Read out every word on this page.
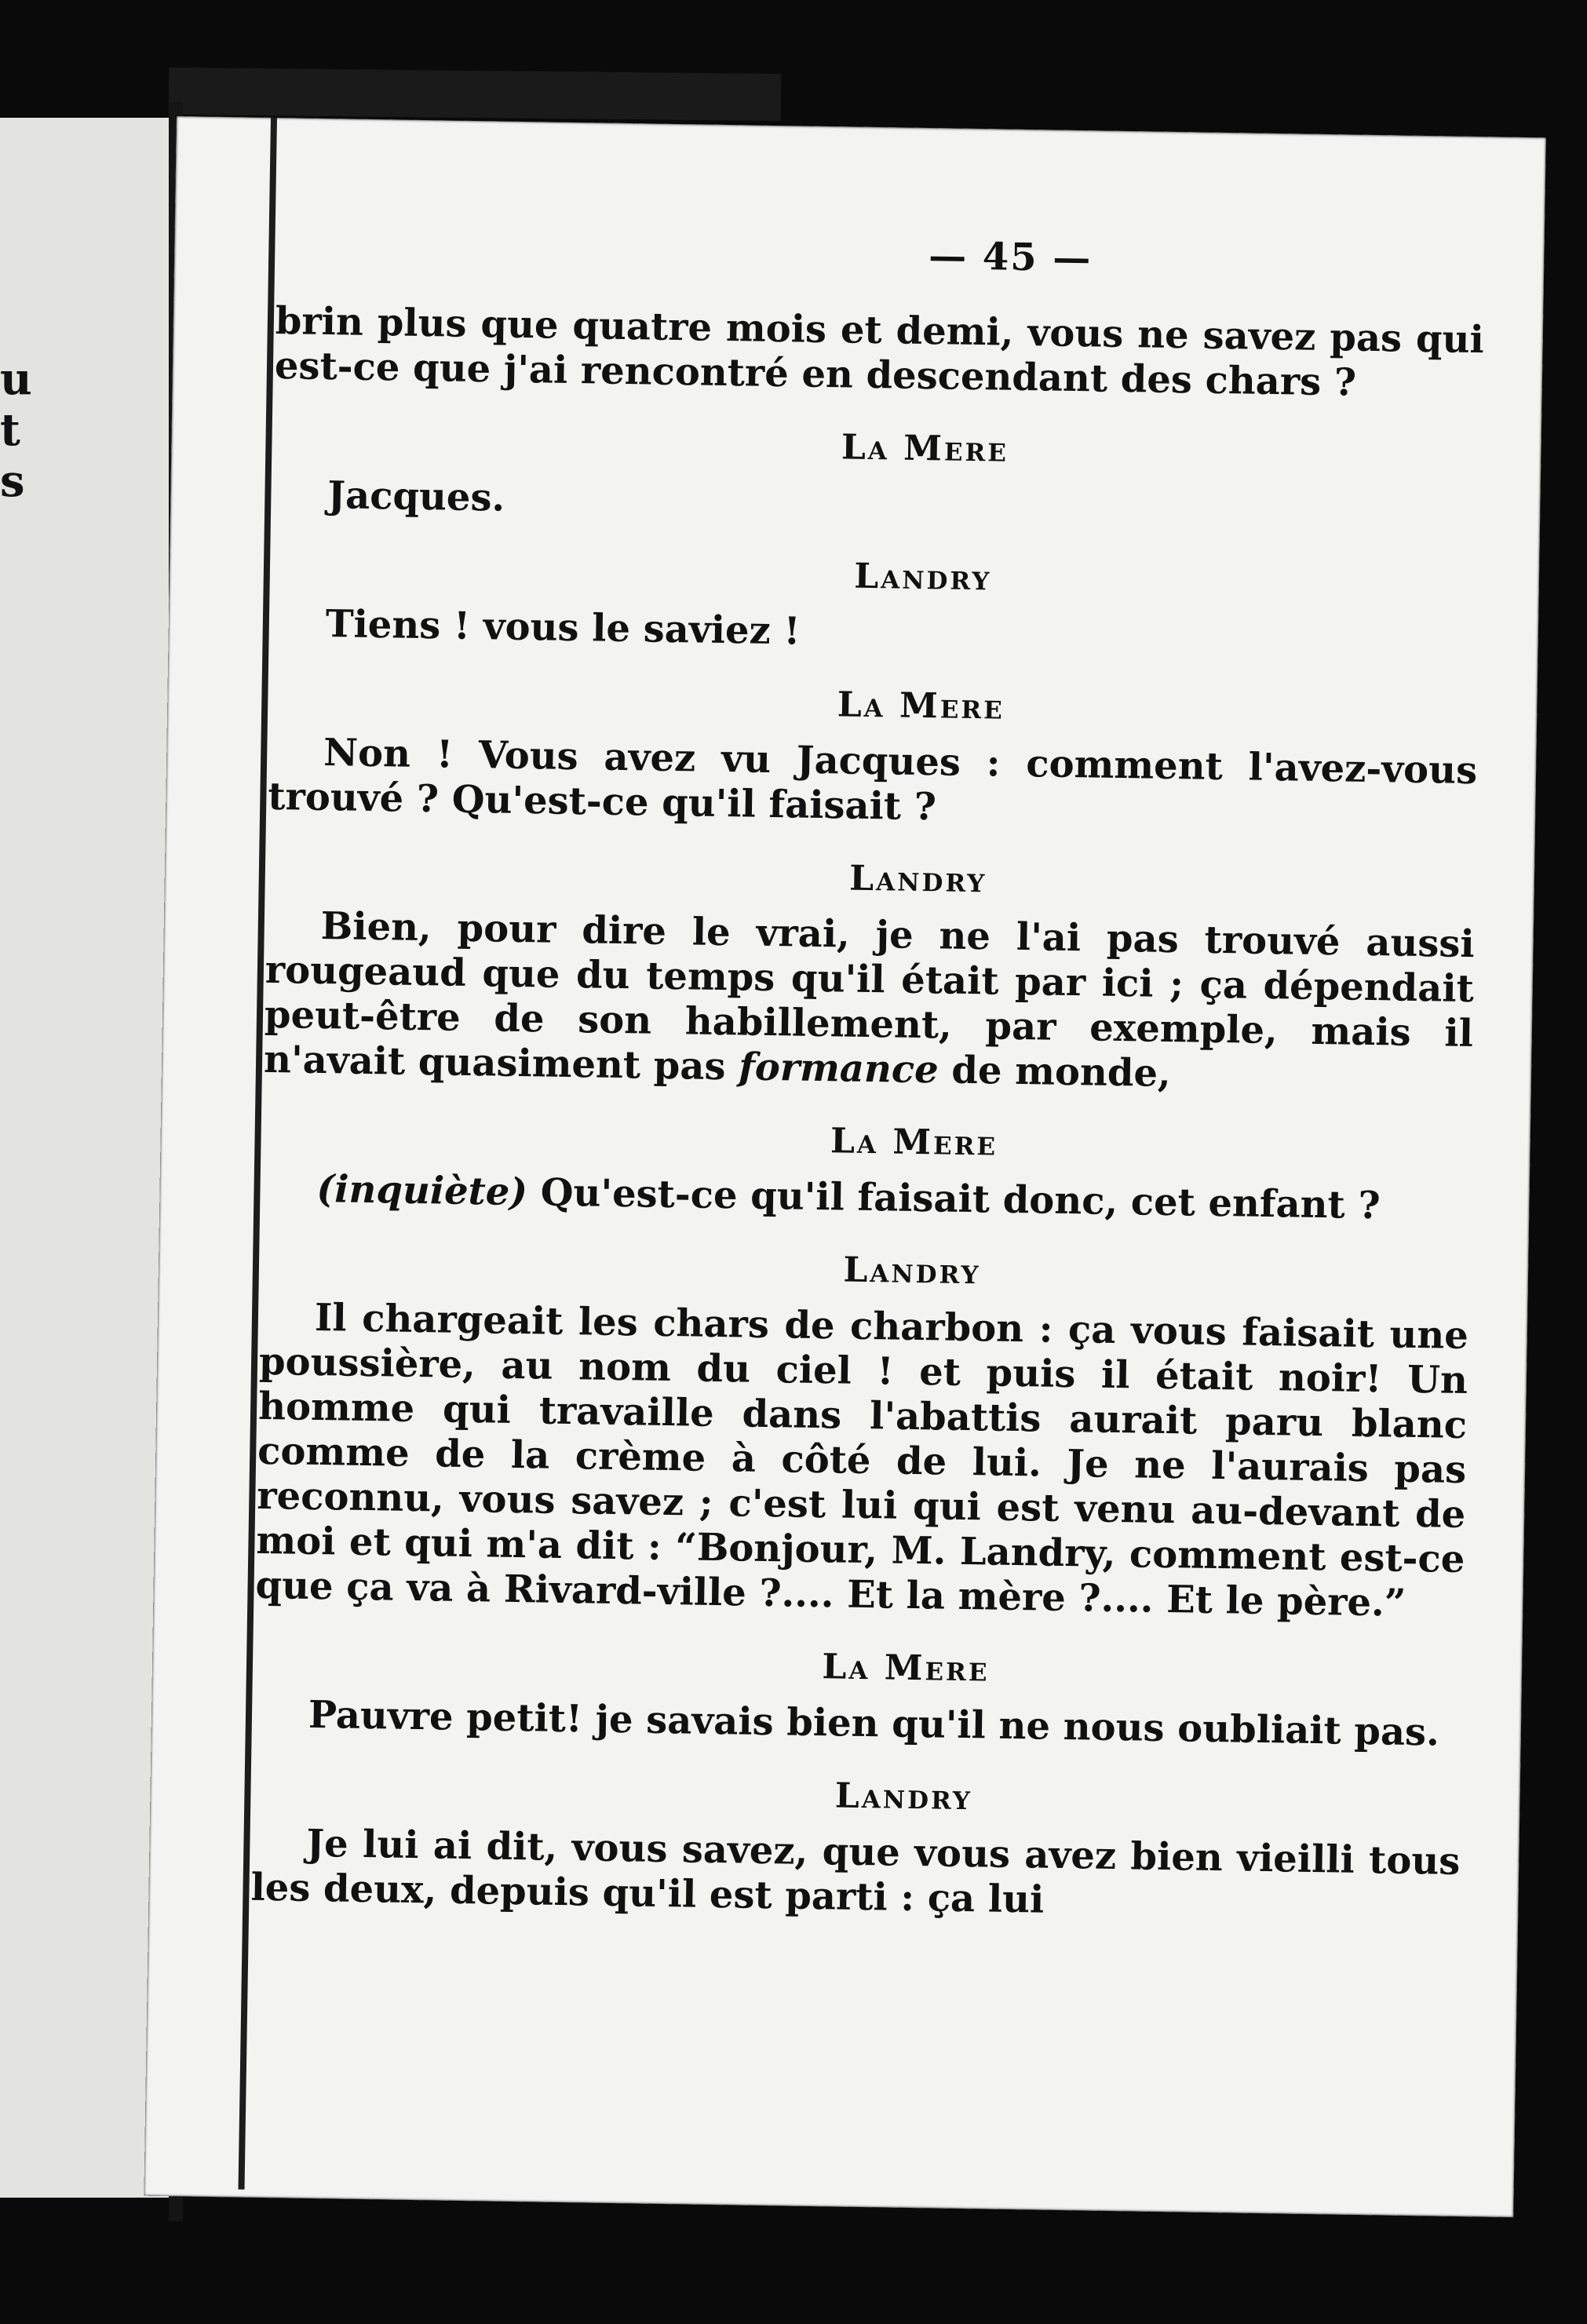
u
t
s
— 45 —

brin plus que quatre mois et demi, vous ne savez pas qui est-ce que j'ai rencontré en descendant des chars ?

La Mere

Jacques.

Landry

Tiens ! vous le saviez !

La Mere

Non ! Vous avez vu Jacques : comment l'avez-vous trouvé ? Qu'est-ce qu'il faisait ?

Landry

Bien, pour dire le vrai, je ne l'ai pas trouvé aussi rougeaud que du temps qu'il était par ici ; ça dépendait peut-être de son habillement, par exemple, mais il n'avait quasiment pas formance de monde,

La Mere

(inquiète) Qu'est-ce qu'il faisait donc, cet enfant ?

Landry

Il chargeait les chars de charbon : ça vous faisait une poussière, au nom du ciel ! et puis il était noir! Un homme qui travaille dans l'abattis aurait paru blanc comme de la crème à côté de lui. Je ne l'aurais pas reconnu, vous savez ; c'est lui qui est venu au-devant de moi et qui m'a dit : “Bonjour, M. Landry, comment est-ce que ça va à Rivard-ville ?.... Et la mère ?.... Et le père.”

La Mere

Pauvre petit! je savais bien qu'il ne nous oubliait pas.

Landry

Je lui ai dit, vous savez, que vous avez bien vieilli tous les deux, depuis qu'il est parti : ça lui
